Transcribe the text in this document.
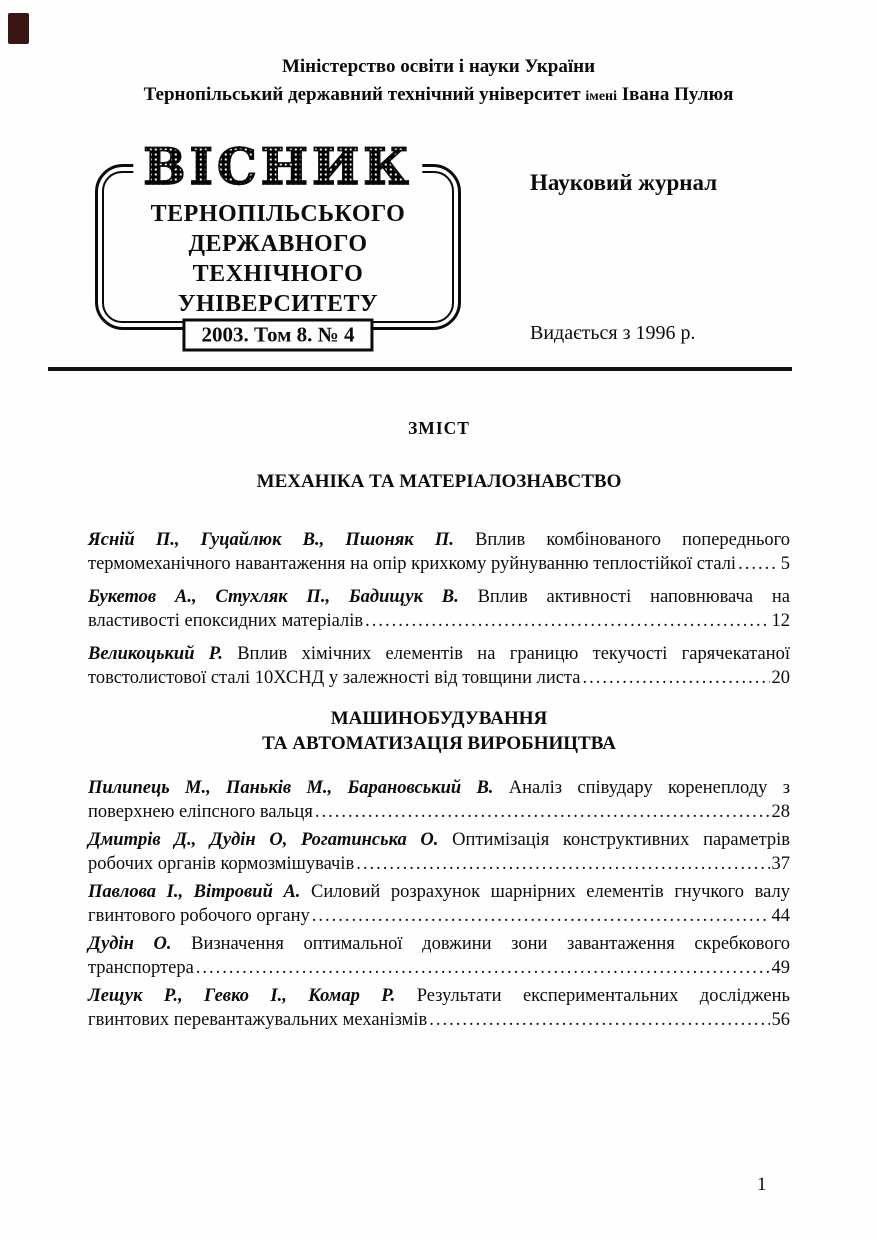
Міністерство освіти і науки України
Тернопільський державний технічний університет імені Івана Пулюя
ТЕРНОПІЛЬСЬКОГО
ДЕРЖАВНОГО
ТЕХНІЧНОГО
УНІВЕРСИТЕТУ
ВІСНИК
2003. Том 8. № 4
Науковий журнал
Видається з 1996 р.
ЗМІСТ
МЕХАНІКА ТА МАТЕРІАЛОЗНАВСТВО
Ясній П., Гуцайлюк В., Пшоняк П. Вплив комбінованого попереднього
термомеханічного навантаження на опір крихкому руйнуванню теплостійкої сталі ..... 5
Букетов А., Стухляк П., Бадищук В. Вплив активності наповнювача на
властивості епоксидних матеріалів .....	12
Великоцький Р. Вплив хімічних елементів на границю текучості гарячекатаної
товстолистової сталі 10ХСНД у залежності від товщини листа .....	20
МАШИНОБУДУВАННЯ
ТА АВТОМАТИЗАЦІЯ ВИРОБНИЦТВА
Пилипець М., Паньків М., Барановський В. Аналіз співудару коренеплоду з
поверхнею еліпсного вальця .....	28
Дмитрів Д., Дудін О, Рогатинська О. Оптимізація конструктивних параметрів
робочих органів кормозмішувачів .....	37
Павлова І., Вітровий А. Силовий розрахунок шарнірних елементів гнучкого валу
гвинтового робочого органу .....	44
Дудін О. Визначення оптимальної довжини зони завантаження скребкового
транспортера .....	49
Лещук Р., Гевко І., Комар Р. Результати експериментальних досліджень
гвинтових перевантажувальних механізмів .....	56
1
